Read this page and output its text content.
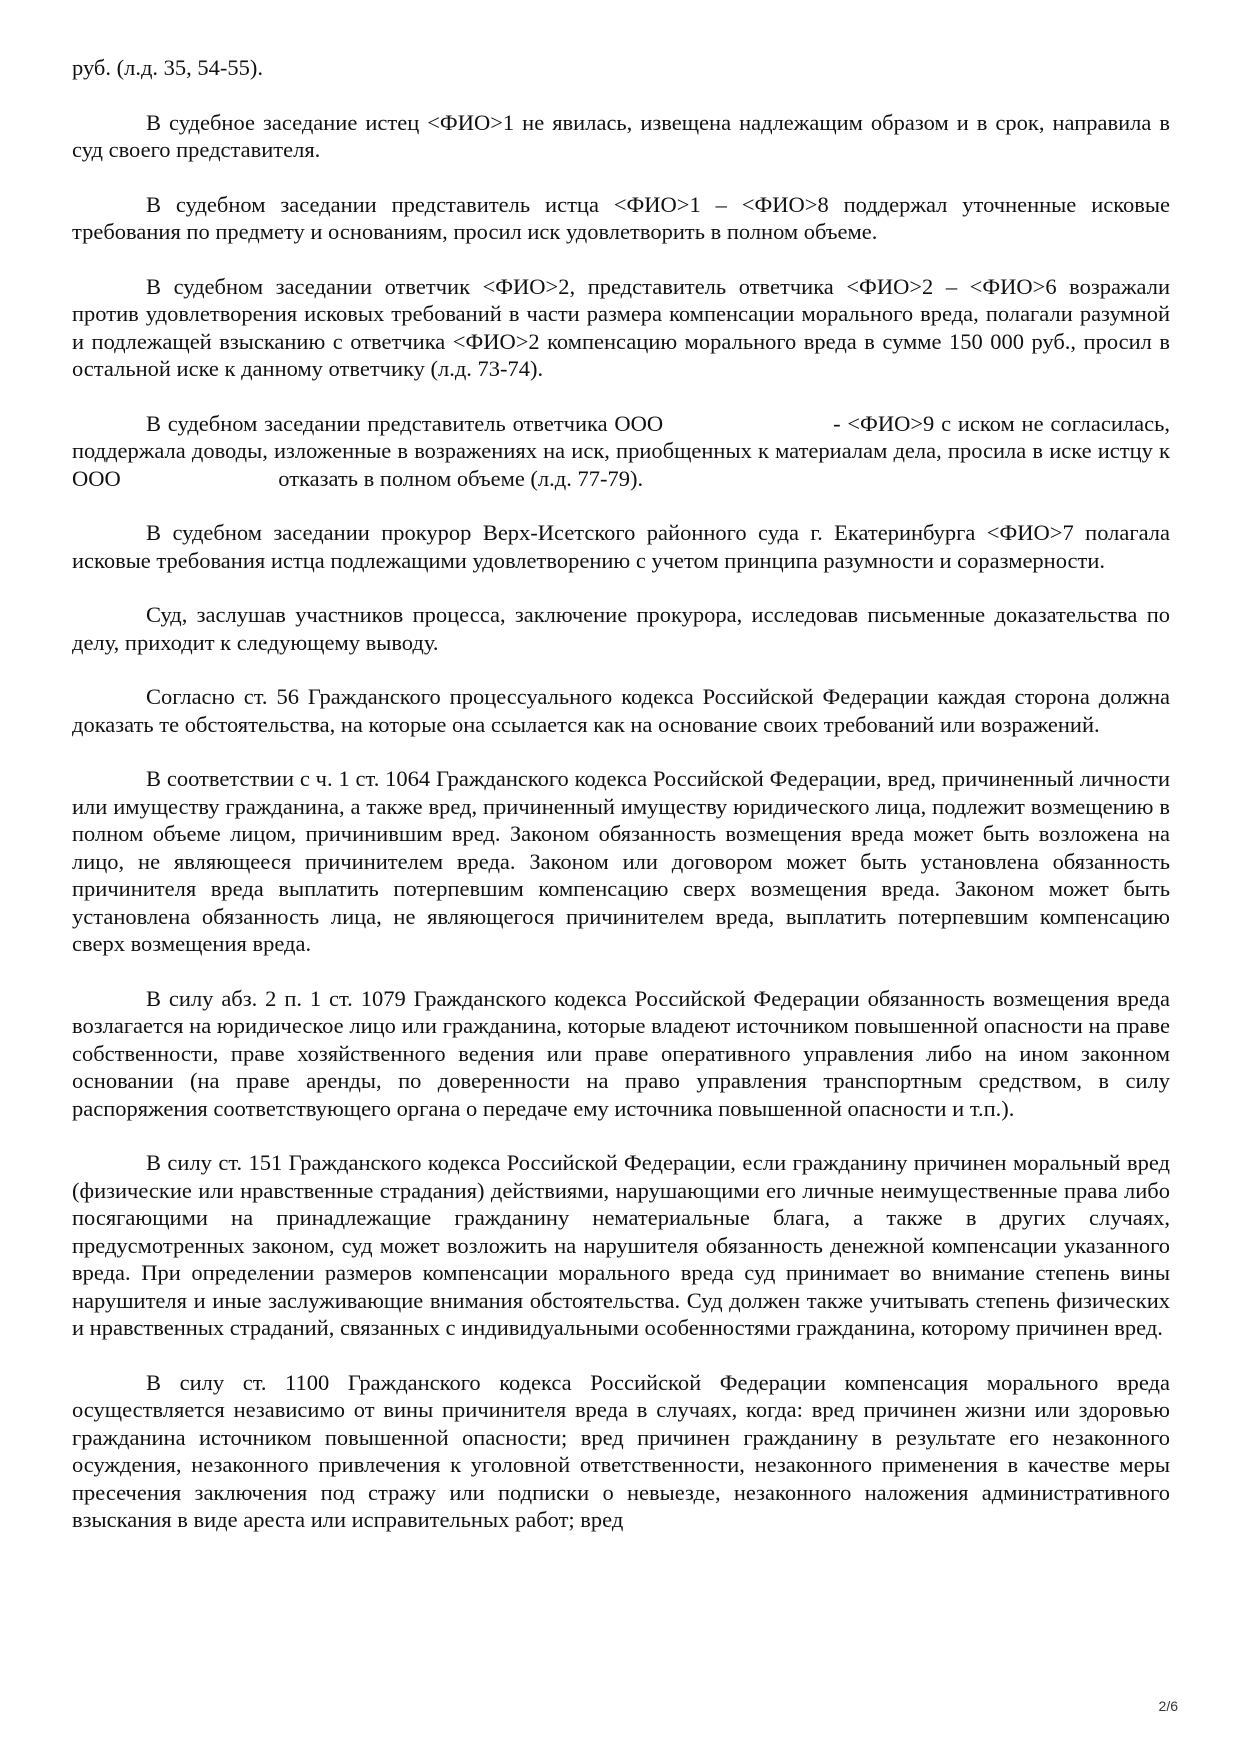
руб. (л.д. 35, 54-55).

В судебное заседание истец <ФИО>1 не явилась, извещена надлежащим образом и в срок, направила в суд своего представителя.

В судебном заседании представитель истца <ФИО>1 – <ФИО>8 поддержал уточненные исковые требования по предмету и основаниям, просил иск удовлетворить в полном объеме.

В судебном заседании ответчик <ФИО>2, представитель ответчика <ФИО>2 – <ФИО>6 возражали против удовлетворения исковых требований в части размера компенсации морального вреда, полагали разумной и подлежащей взысканию с ответчика <ФИО>2 компенсацию морального вреда в сумме 150 000 руб., просил в остальной иске к данному ответчику (л.д. 73-74).

В судебном заседании представитель ответчика ООО                         - <ФИО>9 с иском не согласилась, поддержала доводы, изложенные в возражениях на иск, приобщенных к материалам дела, просила в иске истцу к ООО                            отказать в полном объеме (л.д. 77-79).

В судебном заседании прокурор Верх-Исетского районного суда г. Екатеринбурга <ФИО>7 полагала исковые требования истца подлежащими удовлетворению с учетом принципа разумности и соразмерности.

Суд, заслушав участников процесса, заключение прокурора, исследовав письменные доказательства по делу, приходит к следующему выводу.

Согласно ст. 56 Гражданского процессуального кодекса Российской Федерации каждая сторона должна доказать те обстоятельства, на которые она ссылается как на основание своих требований или возражений.

В соответствии с ч. 1 ст. 1064 Гражданского кодекса Российской Федерации, вред, причиненный личности или имуществу гражданина, а также вред, причиненный имуществу юридического лица, подлежит возмещению в полном объеме лицом, причинившим вред. Законом обязанность возмещения вреда может быть возложена на лицо, не являющееся причинителем вреда. Законом или договором может быть установлена обязанность причинителя вреда выплатить потерпевшим компенсацию сверх возмещения вреда. Законом может быть установлена обязанность лица, не являющегося причинителем вреда, выплатить потерпевшим компенсацию сверх возмещения вреда.

В силу абз. 2 п. 1 ст. 1079 Гражданского кодекса Российской Федерации обязанность возмещения вреда возлагается на юридическое лицо или гражданина, которые владеют источником повышенной опасности на праве собственности, праве хозяйственного ведения или праве оперативного управления либо на ином законном основании (на праве аренды, по доверенности на право управления транспортным средством, в силу распоряжения соответствующего органа о передаче ему источника повышенной опасности и т.п.).

В силу ст. 151 Гражданского кодекса Российской Федерации, если гражданину причинен моральный вред (физические или нравственные страдания) действиями, нарушающими его личные неимущественные права либо посягающими на принадлежащие гражданину нематериальные блага, а также в других случаях, предусмотренных законом, суд может возложить на нарушителя обязанность денежной компенсации указанного вреда. При определении размеров компенсации морального вреда суд принимает во внимание степень вины нарушителя и иные заслуживающие внимания обстоятельства. Суд должен также учитывать степень физических и нравственных страданий, связанных с индивидуальными особенностями гражданина, которому причинен вред.

В силу ст. 1100 Гражданского кодекса Российской Федерации компенсация морального вреда осуществляется независимо от вины причинителя вреда в случаях, когда: вред причинен жизни или здоровью гражданина источником повышенной опасности; вред причинен гражданину в результате его незаконного осуждения, незаконного привлечения к уголовной ответственности, незаконного применения в качестве меры пресечения заключения под стражу или подписки о невыезде, незаконного наложения административного взыскания в виде ареста или исправительных работ; вред

2/6
